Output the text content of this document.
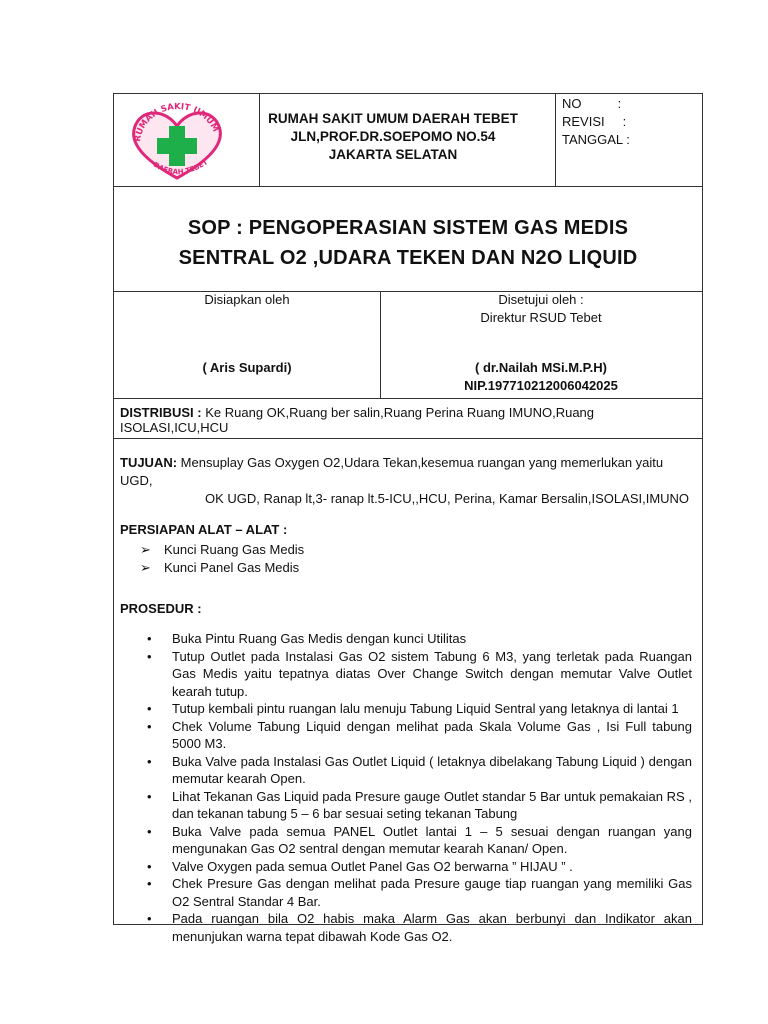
RUMAH SAKIT UMUM
DAERAH TEBET
RUMAH SAKIT UMUM DAERAH TEBET
JLN,PROF.DR.SOEPOMO NO.54
JAKARTA SELATAN
NO          :
REVISI     :
TANGGAL :
SOP : PENGOPERASIAN SISTEM GAS MEDIS
SENTRAL O2 ,UDARA TEKEN DAN N2O LIQUID
Disiapkan oleh
( Aris Supardi)
Disetujui oleh :
Direktur RSUD Tebet
( dr.Nailah MSi.M.P.H)
NIP.197710212006042025
DISTRIBUSI : Ke Ruang OK,Ruang ber salin,Ruang Perina Ruang IMUNO,Ruang ISOLASI,ICU,HCU
TUJUAN: Mensuplay Gas Oxygen O2,Udara Tekan,kesemua ruangan yang memerlukan yaitu UGD,
OK UGD, Ranap lt,3- ranap lt.5-ICU,,HCU, Perina, Kamar Bersalin,ISOLASI,IMUNO
PERSIAPAN ALAT – ALAT :
➢ Kunci Ruang Gas Medis
➢ Kunci Panel Gas Medis
PROSEDUR :
• Buka Pintu Ruang Gas Medis dengan kunci Utilitas
• Tutup Outlet pada Instalasi Gas O2 sistem Tabung 6 M3, yang terletak pada Ruangan Gas Medis yaitu tepatnya diatas Over Change Switch dengan memutar Valve Outlet kearah tutup.
• Tutup kembali pintu ruangan lalu menuju Tabung Liquid Sentral yang letaknya di lantai 1
• Chek Volume Tabung Liquid dengan melihat pada Skala Volume Gas , Isi Full tabung 5000 M3.
• Buka Valve pada Instalasi Gas Outlet Liquid ( letaknya dibelakang Tabung Liquid ) dengan memutar kearah Open.
• Lihat Tekanan Gas Liquid pada Presure gauge Outlet standar 5 Bar untuk pemakaian RS , dan tekanan tabung 5 – 6 bar sesuai seting tekanan Tabung
• Buka Valve pada semua PANEL Outlet lantai 1 – 5 sesuai dengan ruangan yang mengunakan Gas O2 sentral dengan memutar kearah Kanan/ Open.
• Valve Oxygen pada semua Outlet Panel Gas O2 berwarna ” HIJAU ” .
• Chek Presure Gas dengan melihat pada Presure gauge tiap ruangan yang memiliki Gas O2 Sentral Standar 4 Bar.
• Pada ruangan bila O2 habis maka Alarm Gas akan berbunyi dan Indikator akan menunjukan warna tepat dibawah Kode Gas O2.
